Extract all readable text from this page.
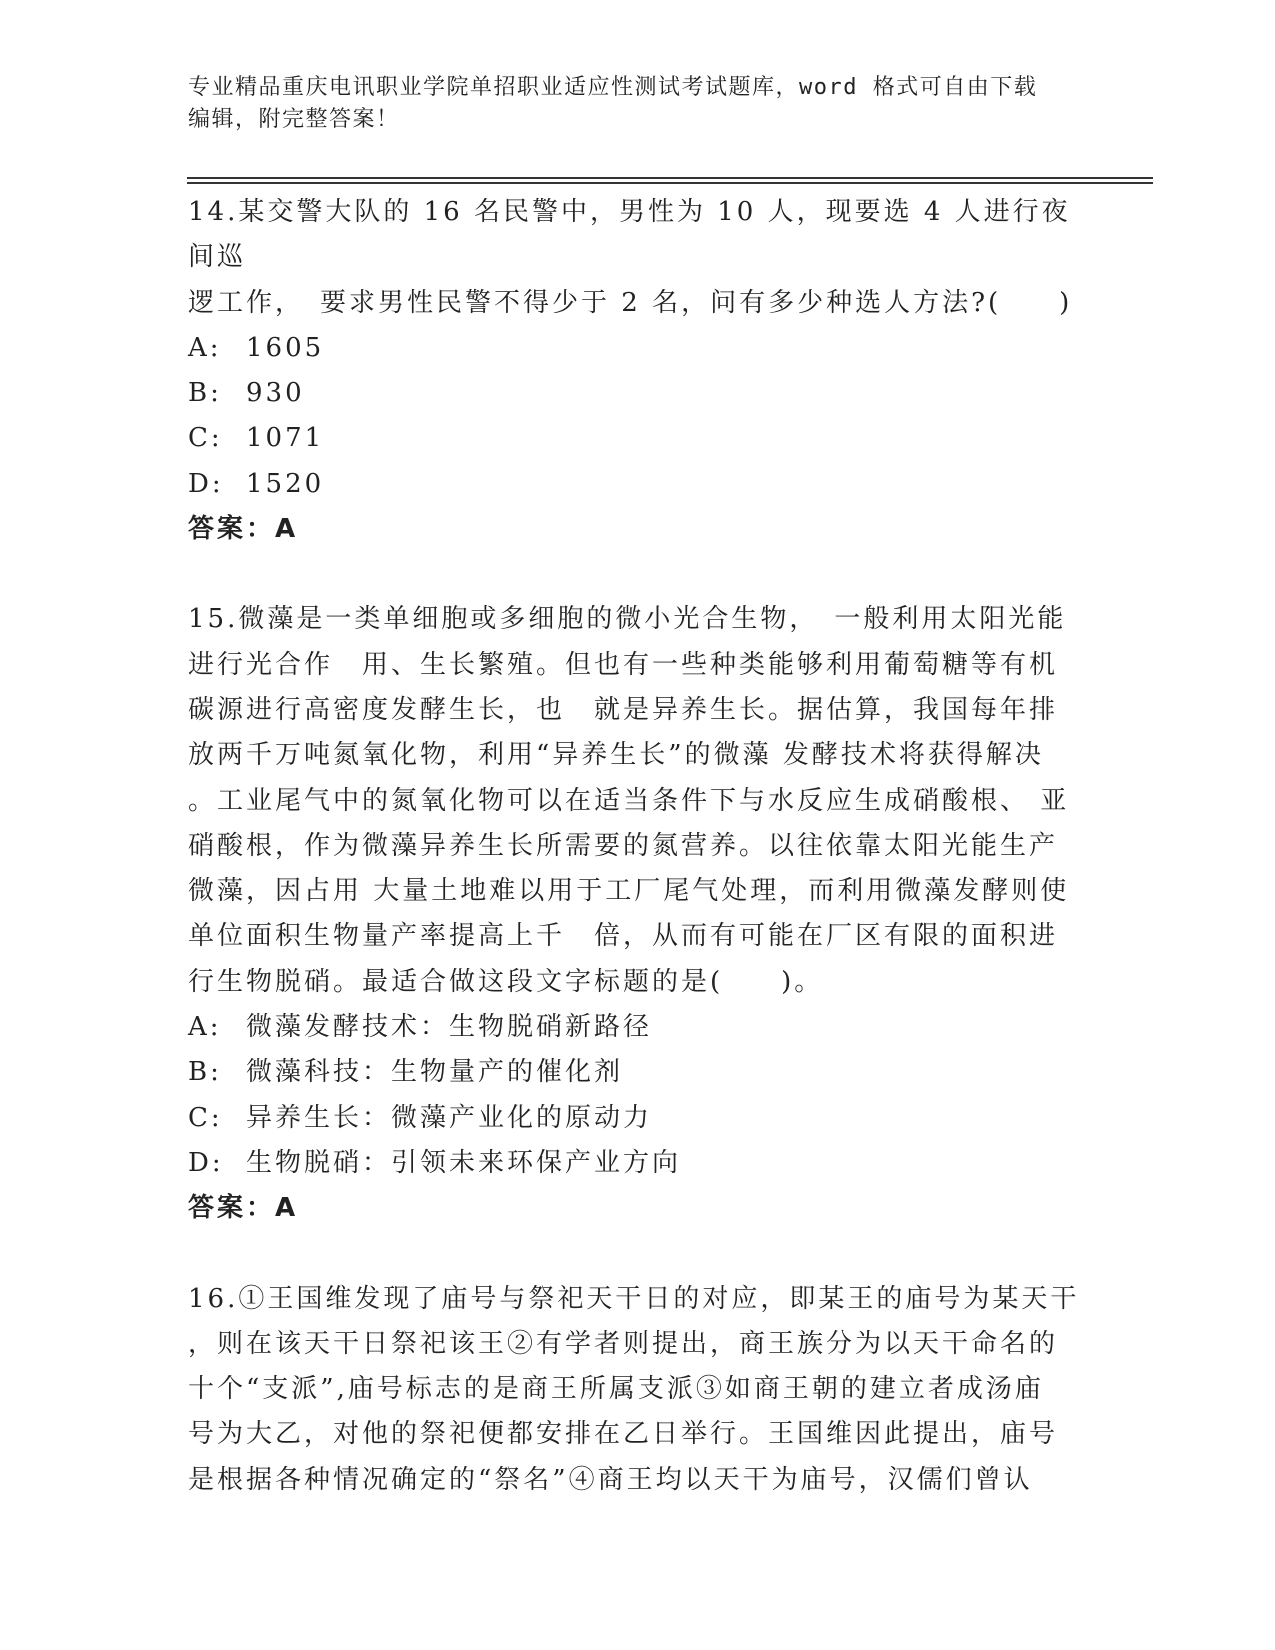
专业精品重庆电讯职业学院单招职业适应性测试考试题库，word 格式可自由下载
编辑，附完整答案！
14.某交警大队的 16 名民警中，男性为 10 人，现要选 4 人进行夜间巡
逻工作，　要求男性民警不得少于 2 名，问有多少种选人方法?(　　)
A: 1605
B: 930
C: 1071
D: 1520
答案：A
15.微藻是一类单细胞或多细胞的微小光合生物，　一般利用太阳光能
进行光合作　用、生长繁殖。但也有一些种类能够利用葡萄糖等有机
碳源进行高密度发酵生长，也　就是异养生长。据估算，我国每年排
放两千万吨氮氧化物，利用“异养生长”的微藻 发酵技术将获得解决
。工业尾气中的氮氧化物可以在适当条件下与水反应生成硝酸根、 亚
硝酸根，作为微藻异养生长所需要的氮营养。以往依靠太阳光能生产
微藻，因占用 大量土地难以用于工厂尾气处理，而利用微藻发酵则使
单位面积生物量产率提高上千　倍，从而有可能在厂区有限的面积进
行生物脱硝。最适合做这段文字标题的是(　　)。
A: 微藻发酵技术：生物脱硝新路径
B: 微藻科技：生物量产的催化剂
C: 异养生长：微藻产业化的原动力
D: 生物脱硝：引领未来环保产业方向
答案：A
16.①王国维发现了庙号与祭祀天干日的对应，即某王的庙号为某天干
，则在该天干日祭祀该王②有学者则提出，商王族分为以天干命名的
十个“支派”,庙号标志的是商王所属支派③如商王朝的建立者成汤庙
号为大乙，对他的祭祀便都安排在乙日举行。王国维因此提出，庙号
是根据各种情况确定的“祭名”④商王均以天干为庙号，汉儒们曾认
